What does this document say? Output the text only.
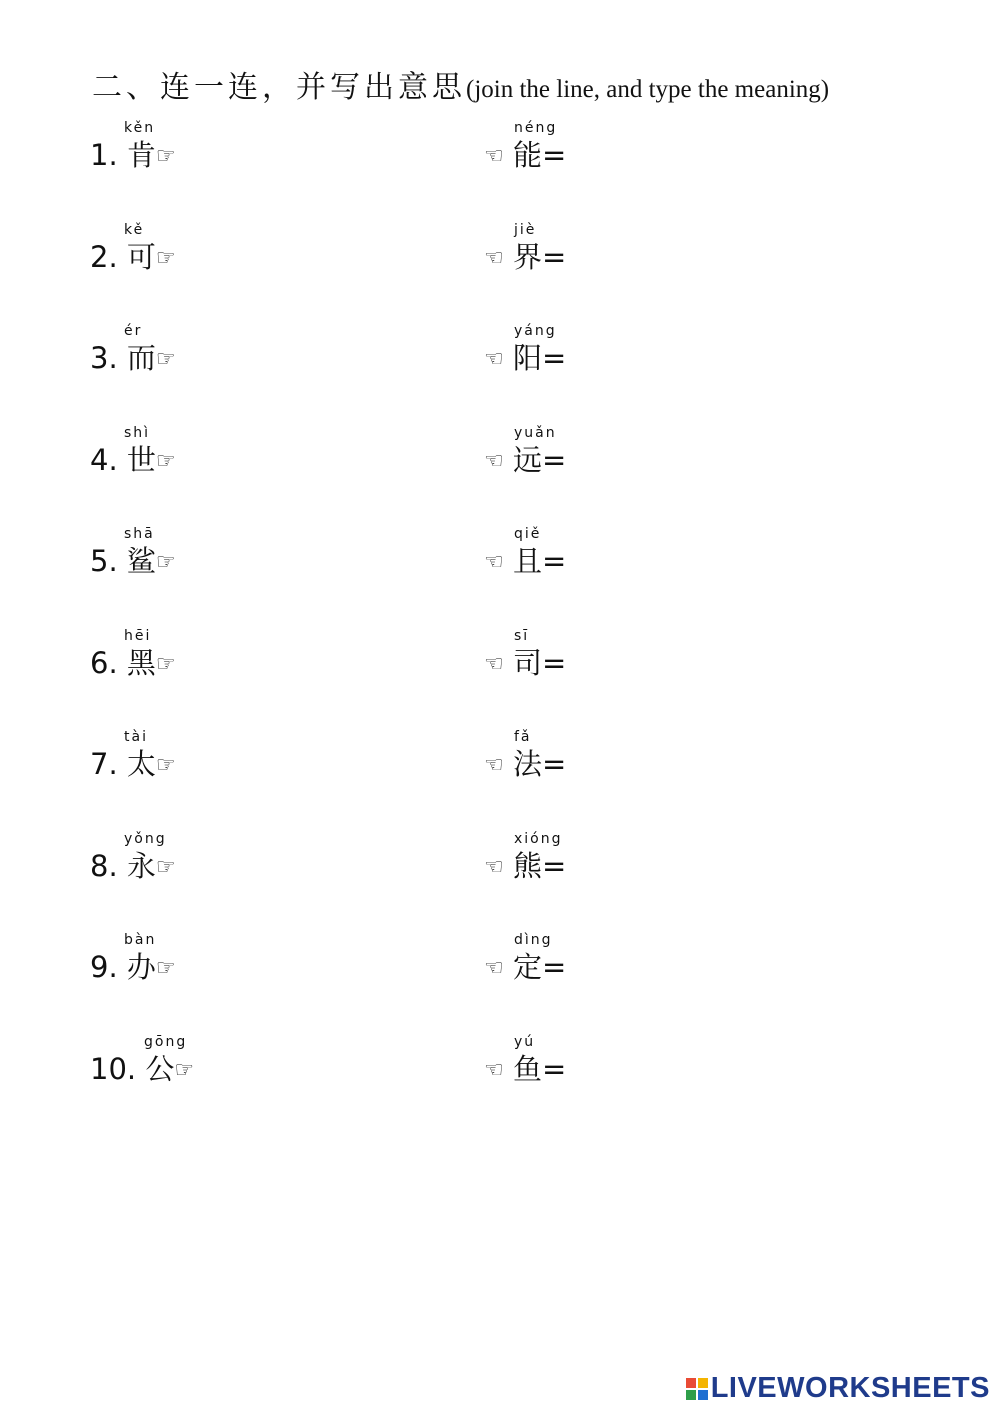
二、连一连，并写出意思(join the line, and type the meaning)
kěn
1. 肯☞
néng
☜ 能=
kě
2. 可☞
jiè
☜ 界=
ér
3. 而☞
yáng
☜ 阳=
shì
4. 世☞
yuǎn
☜ 远=
shā
5. 鲨☞
qiě
☜ 且=
hēi
6. 黑☞
sī
☜ 司=
tài
7. 太☞
fǎ
☜ 法=
yǒng
8. 永☞
xióng
☜ 熊=
bàn
9. 办☞
dìng
☜ 定=
gōng
10. 公☞
yú
☜ 鱼=
LIVEWORKSHEETS
